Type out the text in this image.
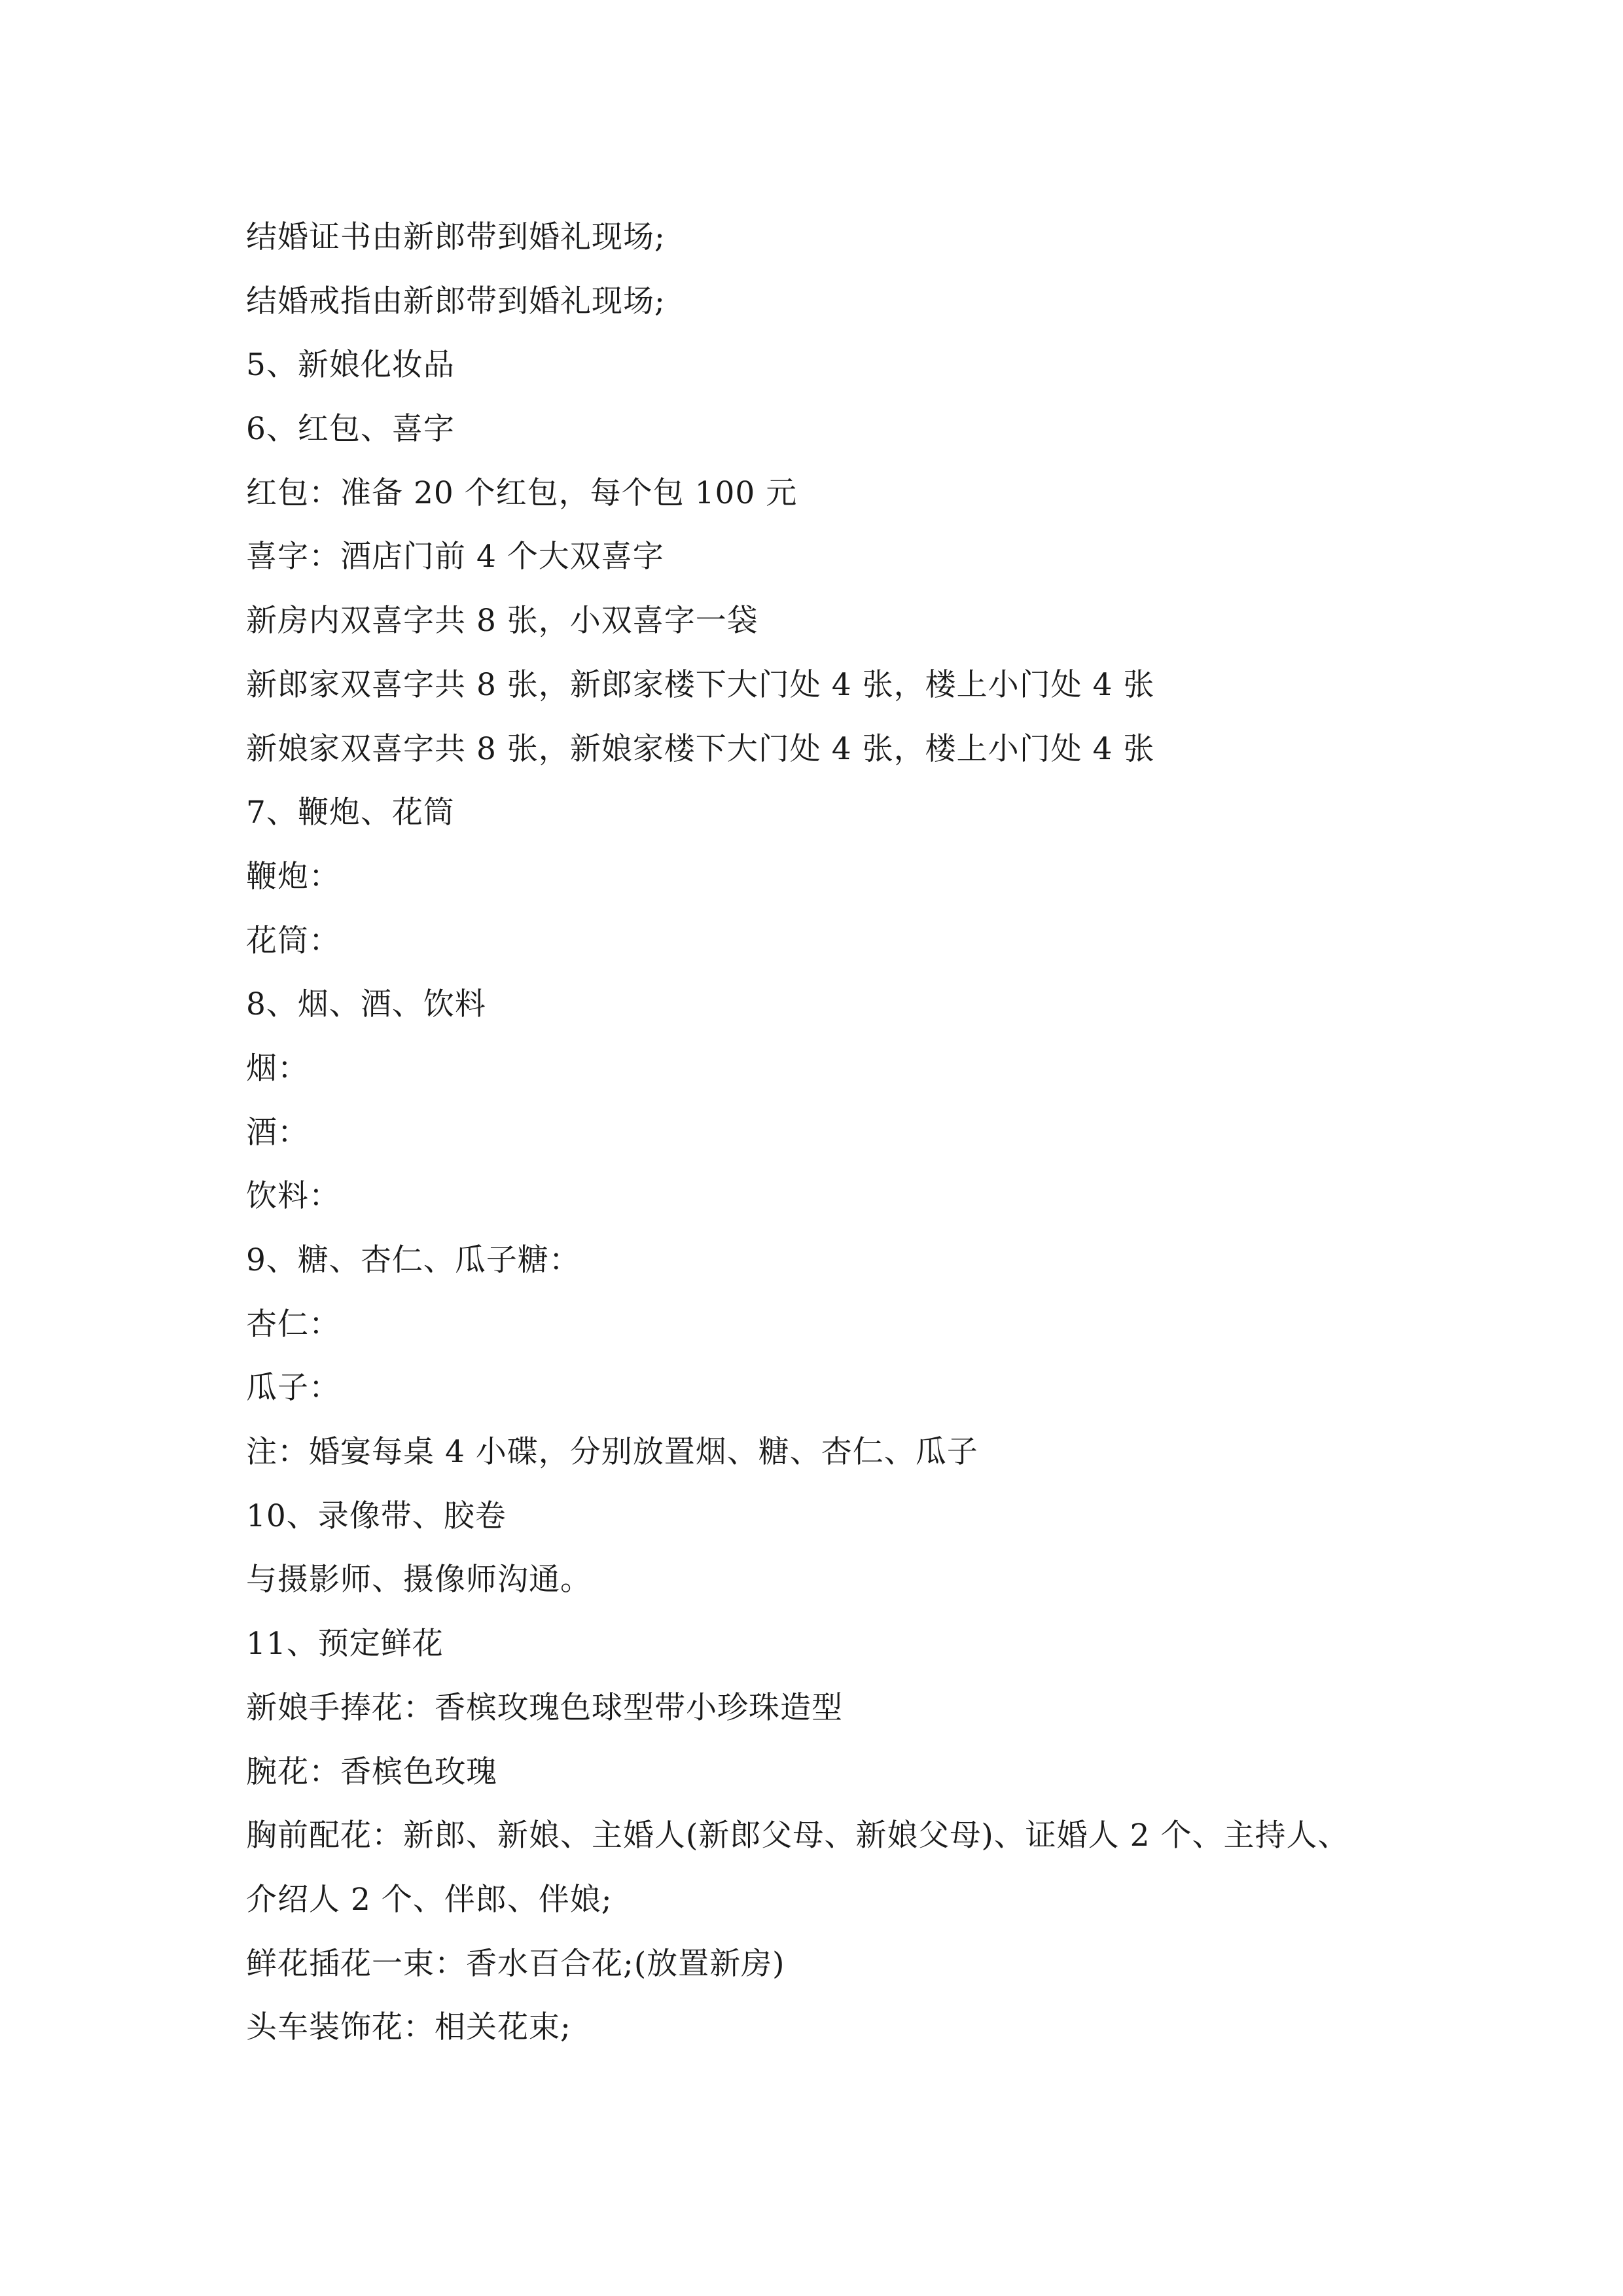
结婚证书由新郎带到婚礼现场;
结婚戒指由新郎带到婚礼现场;
5、新娘化妆品
6、红包、喜字
红包：准备 20 个红包，每个包 100 元
喜字：酒店门前 4 个大双喜字
新房内双喜字共 8 张，小双喜字一袋
新郎家双喜字共 8 张，新郎家楼下大门处 4 张，楼上小门处 4 张
新娘家双喜字共 8 张，新娘家楼下大门处 4 张，楼上小门处 4 张
7、鞭炮、花筒
鞭炮：
花筒：
8、烟、酒、饮料
烟：
酒：
饮料：
9、糖、杏仁、瓜子糖：
杏仁：
瓜子：
注：婚宴每桌 4 小碟，分别放置烟、糖、杏仁、瓜子
10、录像带、胶卷
与摄影师、摄像师沟通。
11、预定鲜花
新娘手捧花：香槟玫瑰色球型带小珍珠造型
腕花：香槟色玫瑰
胸前配花：新郎、新娘、主婚人(新郎父母、新娘父母)、证婚人 2 个、主持人、
介绍人 2 个、伴郎、伴娘;
鲜花插花一束：香水百合花;(放置新房)
头车装饰花：相关花束;
